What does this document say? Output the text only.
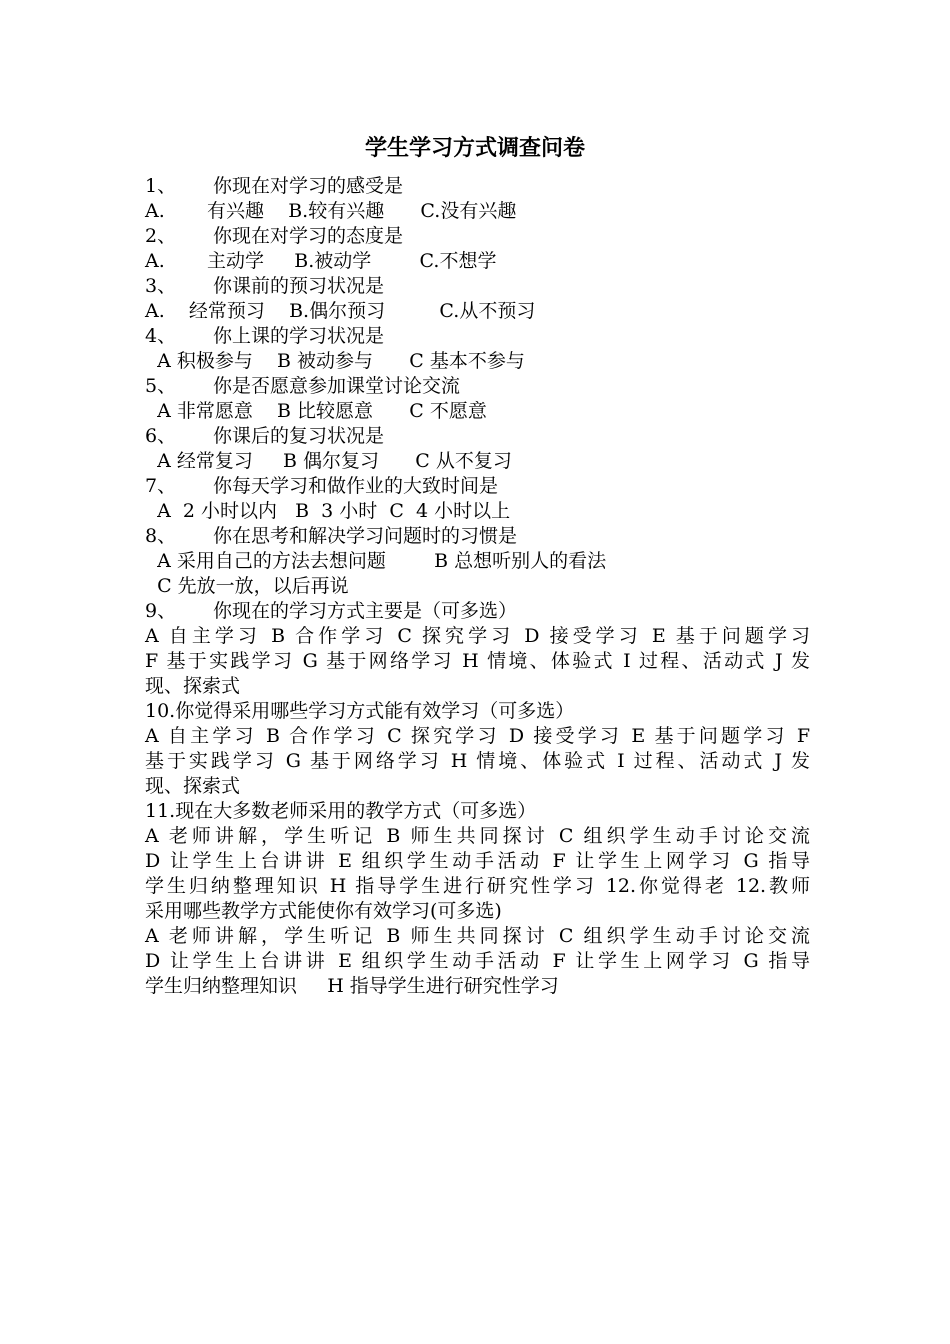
学生学习方式调查问卷
1、 你现在对学习的感受是
A.       有兴趣    B.较有兴趣      C.没有兴趣
2、 你现在对学习的态度是
A.       主动学     B.被动学        C.不想学
3、 你课前的预习状况是
A.    经常预习    B.偶尔预习         C.从不预习
4、 你上课的学习状况是
A 积极参与    B 被动参与      C 基本不参与
5、 你是否愿意参加课堂讨论交流
A 非常愿意    B 比较愿意      C 不愿意
6、 你课后的复习状况是
A 经常复习     B 偶尔复习      C 从不复习
7、 你每天学习和做作业的大致时间是
A  2 小时以内   B  3 小时  C  4 小时以上
8、 你在思考和解决学习问题时的习惯是
A 采用自己的方法去想问题        B 总想听别人的看法
C 先放一放，以后再说
9、 你现在的学习方式主要是（可多选）
A 自主学习 B 合作学习 C 探究学习 D 接受学习 E 基于问题学习
F 基于实践学习 G 基于网络学习 H 情境、体验式 I 过程、活动式 J 发
现、探索式
10.你觉得采用哪些学习方式能有效学习（可多选）
A 自主学习 B 合作学习 C 探究学习 D 接受学习 E 基于问题学习 F
基于实践学习 G 基于网络学习 H 情境、体验式 I 过程、活动式 J 发
现、探索式
11.现在大多数老师采用的教学方式（可多选）
A 老师讲解，学生听记 B 师生共同探讨 C 组织学生动手讨论交流
D 让学生上台讲讲 E 组织学生动手活动 F 让学生上网学习 G 指导
学生归纳整理知识 H 指导学生进行研究性学习 12.你觉得老 12.教师
采用哪些教学方式能使你有效学习(可多选)
A 老师讲解，学生听记 B 师生共同探讨 C 组织学生动手讨论交流
D 让学生上台讲讲 E 组织学生动手活动 F 让学生上网学习 G 指导
学生归纳整理知识     H 指导学生进行研究性学习
